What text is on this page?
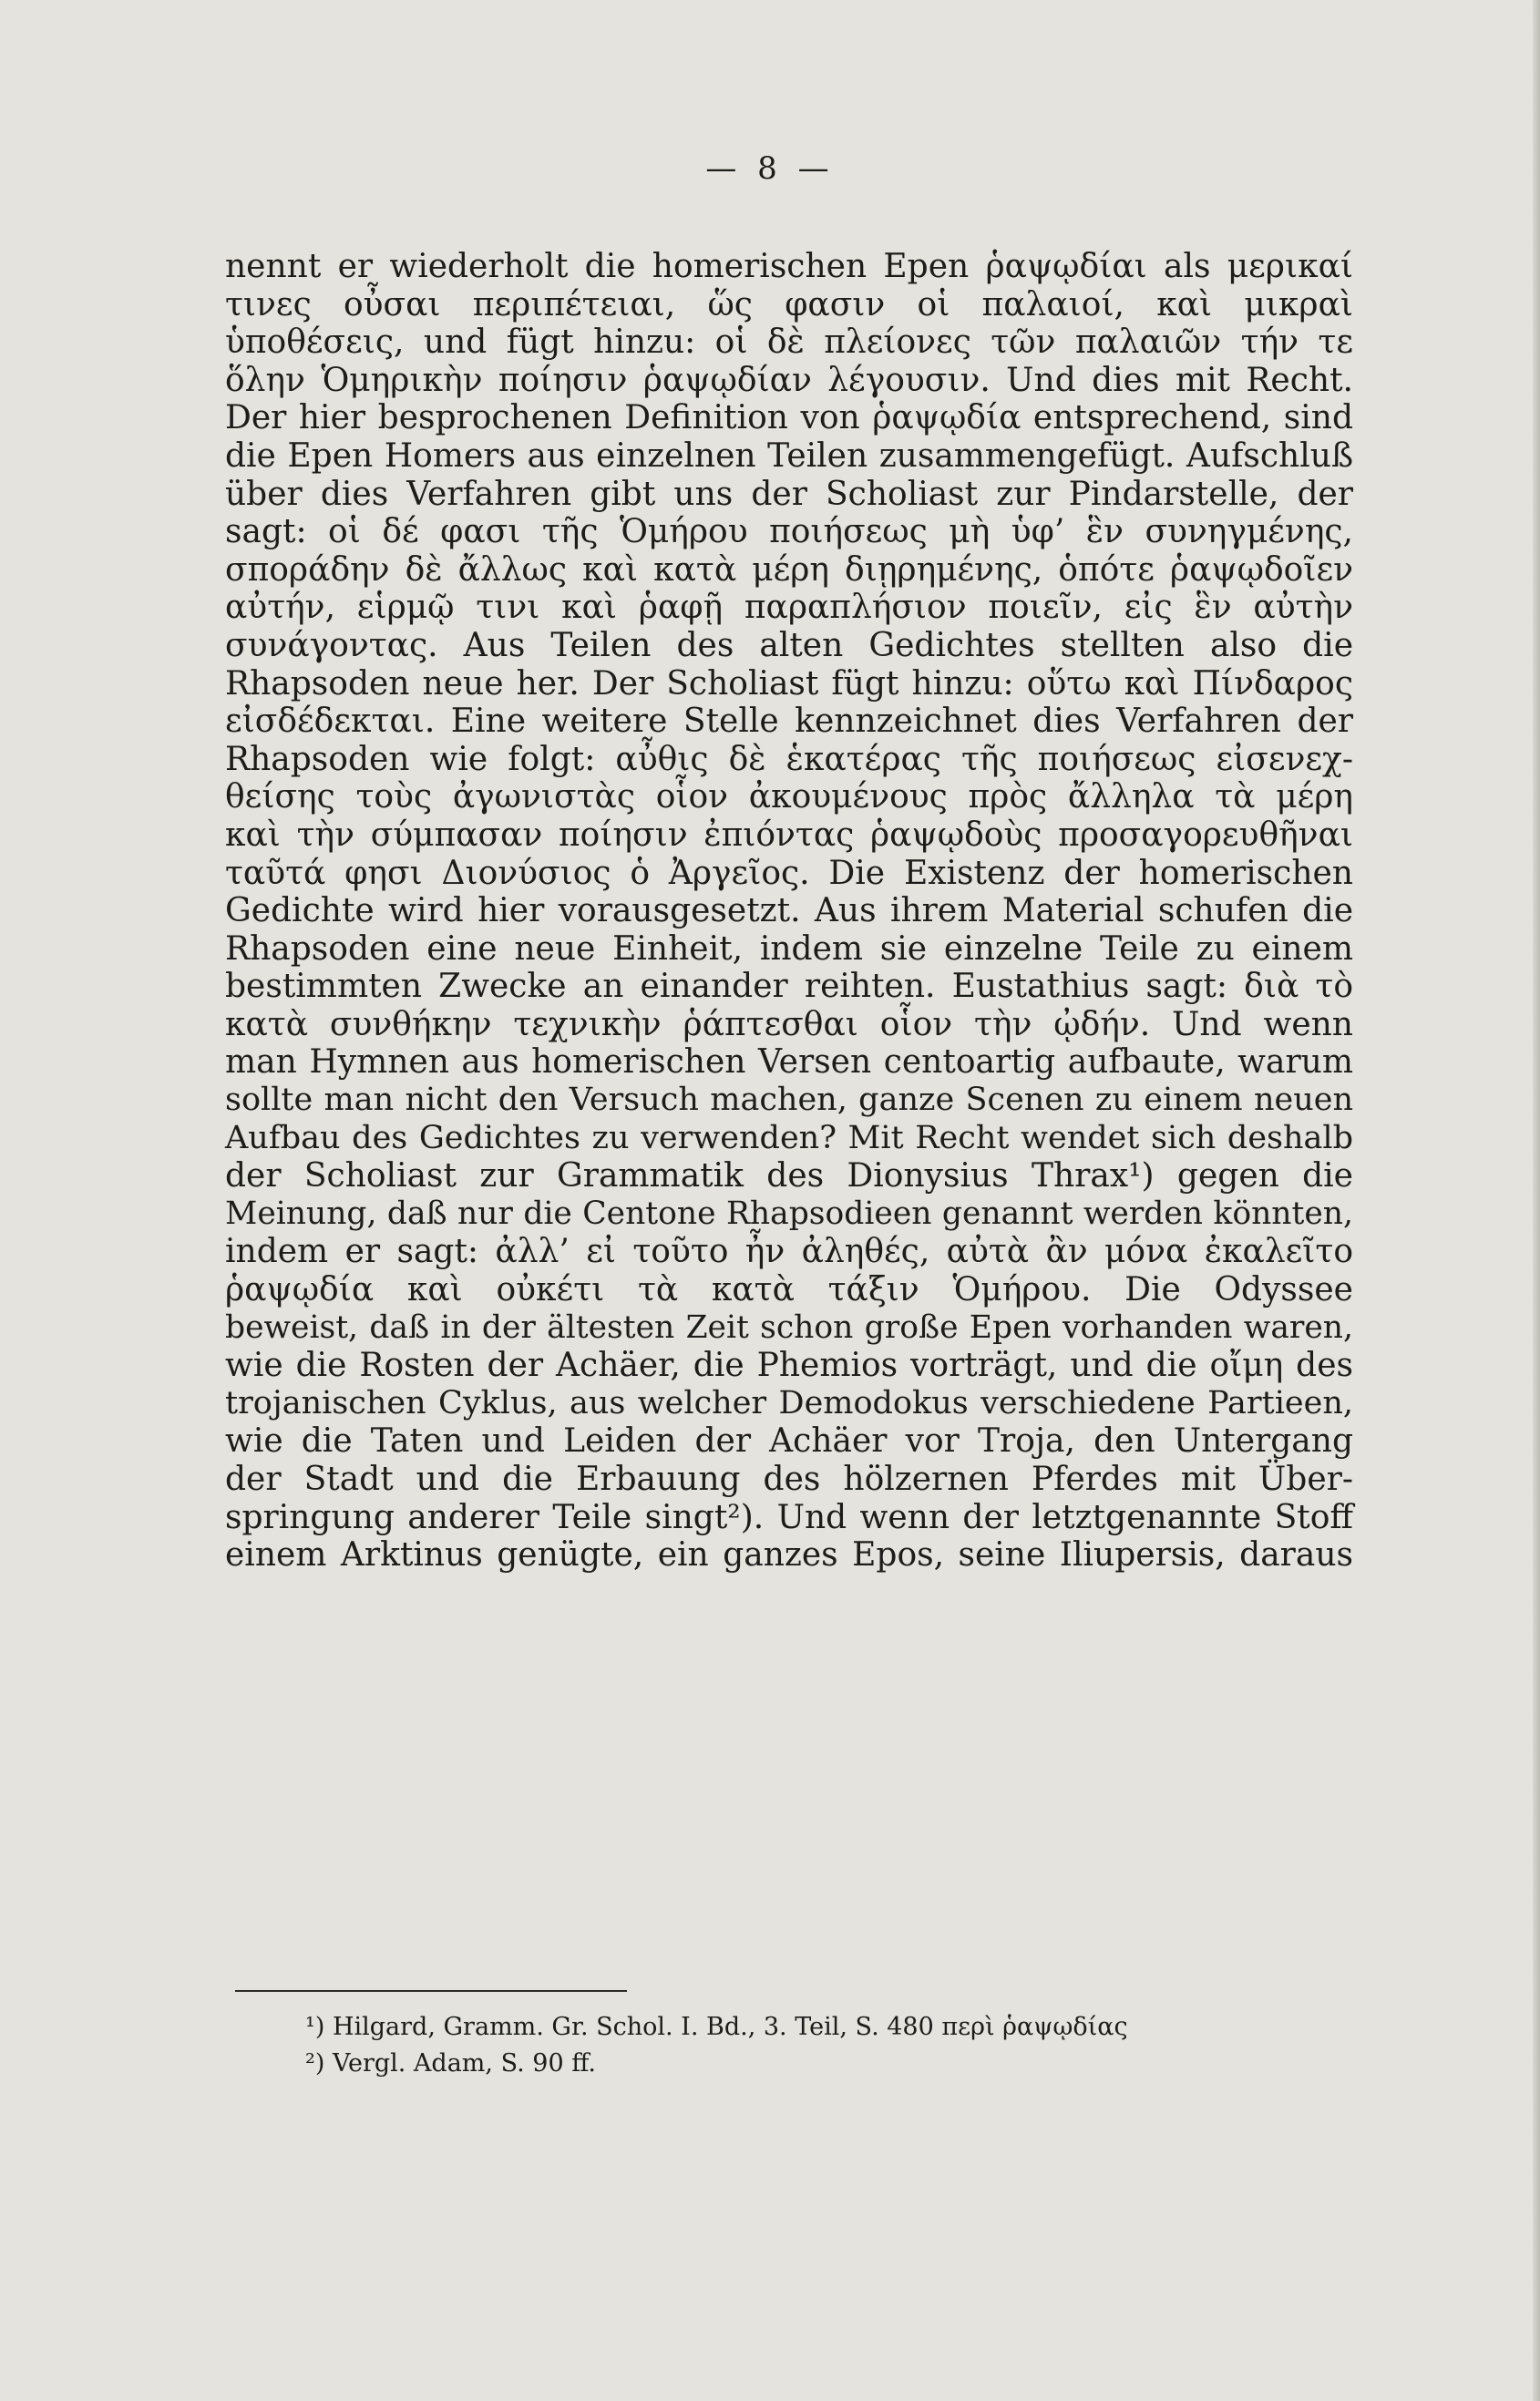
— 8 —
nennt er wiederholt die homerischen Epen ῥαψῳδίαι als μερικαί
τινες οὖσαι περιπέτειαι, ὥς φασιν οἱ παλαιοί, καὶ μικραὶ
ὑποθέσεις, und fügt hinzu: οἱ δὲ πλείονες τῶν παλαιῶν τήν τε
ὅλην Ὁμηρικὴν ποίησιν ῥαψῳδίαν λέγουσιν. Und dies mit Recht.
Der hier besprochenen Definition von ῥαψῳδία entsprechend, sind
die Epen Homers aus einzelnen Teilen zusammengefügt. Aufschluß
über dies Verfahren gibt uns der Scholiast zur Pindarstelle, der
sagt: οἱ δέ φασι τῆς Ὁμήρου ποιήσεως μὴ ὑφ’ ἓν συνηγμένης,
σποράδην δὲ ἄλλως καὶ κατὰ μέρη διῃρημένης, ὁπότε ῥαψῳδοῖεν
αὐτήν, εἱρμῷ τινι καὶ ῥαφῇ παραπλήσιον ποιεῖν, εἰς ἓν αὐτὴν
συνάγοντας. Aus Teilen des alten Gedichtes stellten also die
Rhapsoden neue her. Der Scholiast fügt hinzu: οὕτω καὶ Πίνδαρος
εἰσδέδεκται. Eine weitere Stelle kennzeichnet dies Verfahren der
Rhapsoden wie folgt: αὖθις δὲ ἑκατέρας τῆς ποιήσεως εἰσενεχ-
θείσης τοὺς ἀγωνιστὰς οἷον ἀκουμένους πρὸς ἄλληλα τὰ μέρη
καὶ τὴν σύμπασαν ποίησιν ἐπιόντας ῥαψῳδοὺς προσαγορευθῆναι
ταῦτά φησι Διονύσιος ὁ Ἀργεῖος. Die Existenz der homerischen
Gedichte wird hier vorausgesetzt. Aus ihrem Material schufen die
Rhapsoden eine neue Einheit, indem sie einzelne Teile zu einem
bestimmten Zwecke an einander reihten. Eustathius sagt: διὰ τὸ
κατὰ συνθήκην τεχνικὴν ῥάπτεσθαι οἷον τὴν ᾠδήν. Und wenn
man Hymnen aus homerischen Versen centoartig aufbaute, warum
sollte man nicht den Versuch machen, ganze Scenen zu einem neuen
Aufbau des Gedichtes zu verwenden? Mit Recht wendet sich deshalb
der Scholiast zur Grammatik des Dionysius Thrax¹) gegen die
Meinung, daß nur die Centone Rhapsodieen genannt werden könnten,
indem er sagt: ἀλλ’ εἰ τοῦτο ἦν ἀληθές, αὐτὰ ἂν μόνα ἐκαλεῖτο
ῥαψῳδία καὶ οὐκέτι τὰ κατὰ τάξιν Ὁμήρου. Die Odyssee
beweist, daß in der ältesten Zeit schon große Epen vorhanden waren,
wie die Rosten der Achäer, die Phemios vorträgt, und die οἴμη des
trojanischen Cyklus, aus welcher Demodokus verschiedene Partieen,
wie die Taten und Leiden der Achäer vor Troja, den Untergang
der Stadt und die Erbauung des hölzernen Pferdes mit Über-
springung anderer Teile singt²). Und wenn der letztgenannte Stoff
einem Arktinus genügte, ein ganzes Epos, seine Iliupersis, daraus
¹) Hilgard, Gramm. Gr. Schol. I. Bd., 3. Teil, S. 480 περὶ ῥαψῳδίας
²) Vergl. Adam, S. 90 ff.
